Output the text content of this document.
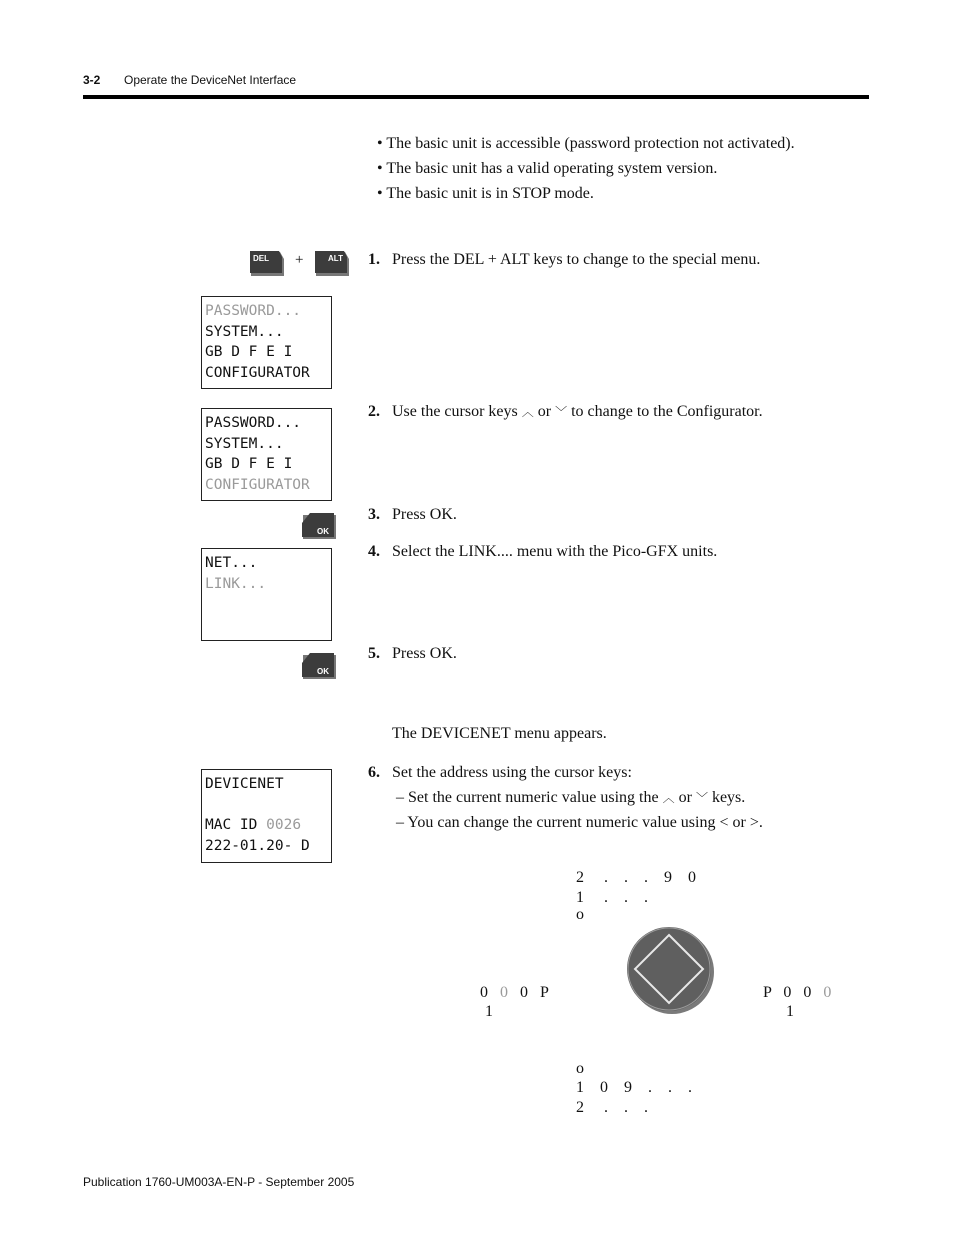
3-2 Operate the DeviceNet Interface
• The basic unit is accessible (password protection not activated).
• The basic unit has a valid operating system version.
• The basic unit is in STOP mode.
DEL +	ALT 1. Press the DEL + ALT keys to change to the special menu.
PASSWORD...
SYSTEM...
GB D F E I
CONFIGURATOR
2. Use the cursor keys ︿ or ﹀ to change to the Configurator.
PASSWORD...
SYSTEM...
GB D F E I
CONFIGURATOR
OK
3. Press OK.
4. Select the LINK.... menu with the Pico-GFX units.
NET...
LINK...
OK
5. Press OK.
The DEVICENET menu appears.
DEVICENET
MAC ID 0026
222-01.20- D
6. Set the address using the cursor keys:
– Set the current numeric value using the ︿ or ﹀ keys.
– You can change the current numeric value using < or >.
2 . . . 9 0
1 . . .
o
0 0 0 P
1
P 0 0 0
1
o
1 0 9 . . .
2 . . .
Publication 1760-UM003A-EN-P - September 2005
